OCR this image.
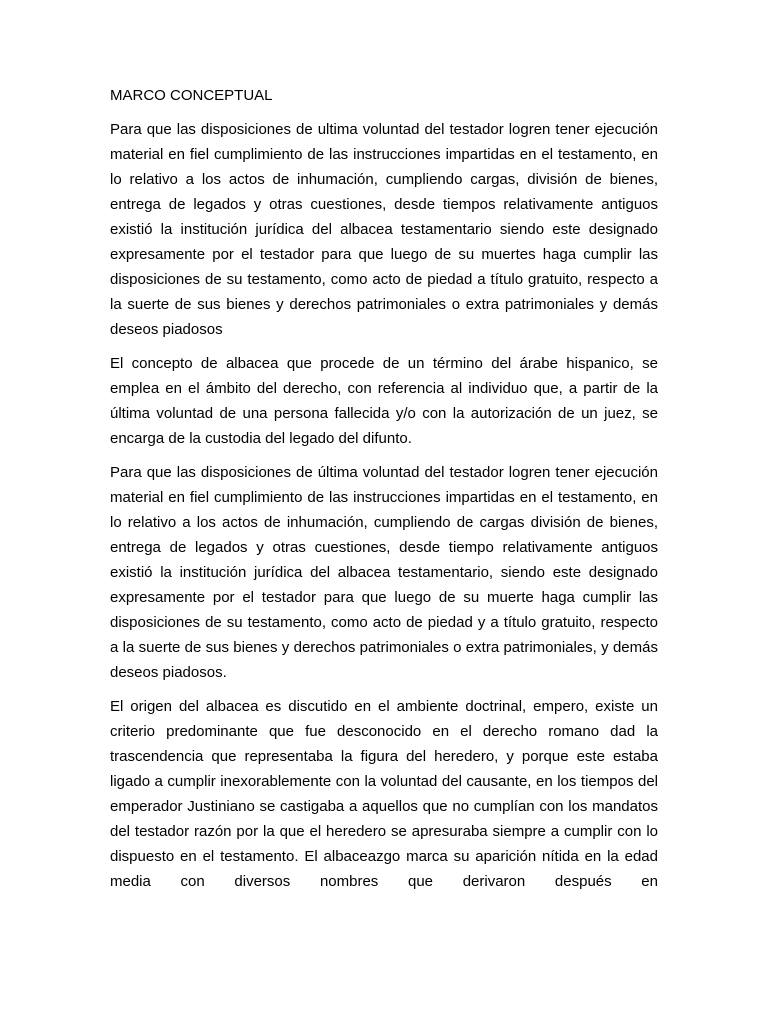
MARCO CONCEPTUAL

Para que las disposiciones de ultima voluntad del testador logren tener ejecución material en fiel cumplimiento de las instrucciones impartidas en el testamento, en lo relativo a los actos de inhumación, cumpliendo cargas, división de bienes, entrega de legados y otras cuestiones, desde tiempos relativamente antiguos existió la institución jurídica del albacea testamentario siendo este designado expresamente por el testador para que luego de su muertes haga cumplir las disposiciones de su testamento, como acto de piedad a título gratuito, respecto a la suerte de sus bienes y derechos patrimoniales o extra patrimoniales y demás deseos piadosos

El concepto de albacea que procede de un término del árabe hispanico, se emplea en el ámbito del derecho, con referencia al individuo que, a partir de la última voluntad de una persona fallecida y/o con la autorización de un juez, se encarga de la custodia del legado del difunto.

Para que las disposiciones de última voluntad del testador logren tener ejecución material en fiel cumplimiento de las instrucciones impartidas en el testamento, en lo relativo a los actos de inhumación, cumpliendo de cargas división de bienes, entrega de legados y otras cuestiones, desde tiempo relativamente antiguos existió la institución jurídica del albacea testamentario, siendo este designado expresamente por el testador para que luego de su muerte haga cumplir las disposiciones de su testamento, como acto de piedad y a título gratuito, respecto a la suerte de sus bienes y derechos patrimoniales o extra patrimoniales, y demás deseos piadosos.

El origen del albacea es discutido en el ambiente doctrinal, empero, existe un criterio predominante que fue desconocido en el derecho romano dad la trascendencia que representaba la figura del heredero, y porque este estaba ligado a cumplir inexorablemente con la voluntad del causante, en los tiempos del emperador Justiniano se castigaba a aquellos que no cumplían con los mandatos del testador razón por la que el heredero se apresuraba siempre a cumplir con lo dispuesto en el testamento. El albaceazgo marca su aparición nítida en la edad media con diversos nombres que derivaron después en
